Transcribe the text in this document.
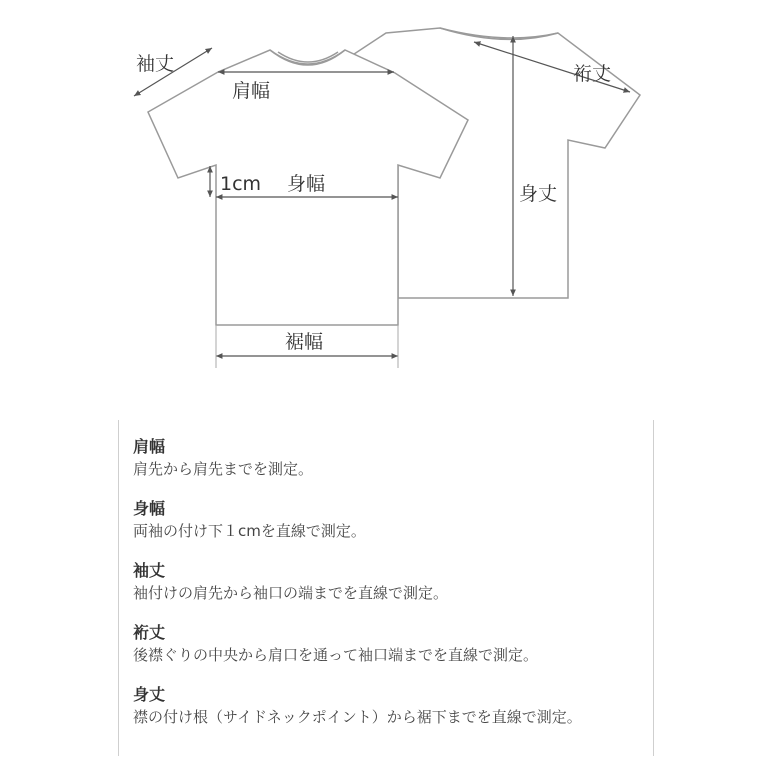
袖丈
肩幅
裄丈
1cm 身幅	身丈
裾幅
肩幅
肩先から肩先までを測定。
身幅
両袖の付け下１cmを直線で測定。
袖丈
袖付けの肩先から袖口の端までを直線で測定。
裄丈
後襟ぐりの中央から肩口を通って袖口端までを直線で測定。
身丈
襟の付け根（サイドネックポイント）から裾下までを直線で測定。
